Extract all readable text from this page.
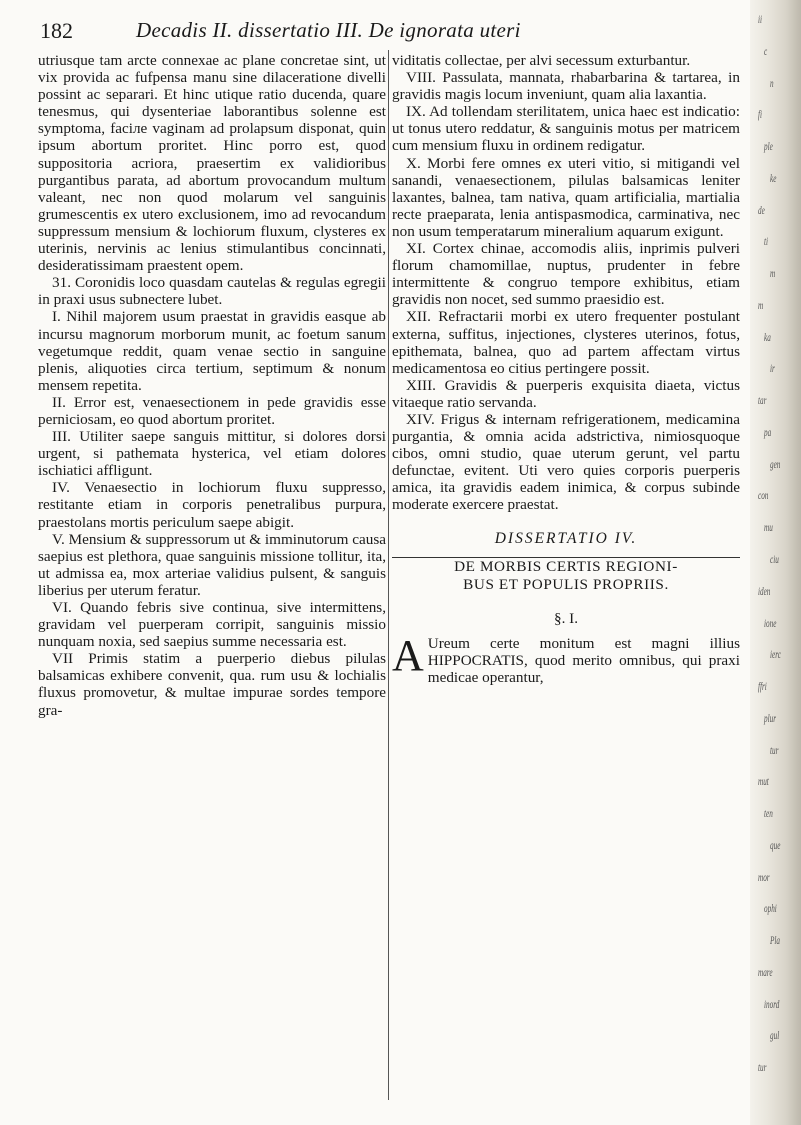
182	Decadis II. dissertatio III. De ignorata uteri

utriusque tam arcte connexae ac plane concretae sint, ut vix provida ac fufpensa manu sine dilaceratione divelli possint ac separari. Et hinc utique ratio ducenda, quare tenesmus, qui dysenteriae laborantibus solenne est symptoma, faciле vaginam ad prolapsum disponat, quin ipsum abortum proritet. Hinc porro est, quod suppositoria acriora, praesertim ex validioribus purgantibus parata, ad abortum provocandum multum valeant, nec non quod molarum vel sanguinis grumescentis ex utero exclusionem, imo ad revocandum suppressum mensium & lochiorum fluxum, clysteres ex uterinis, nervinis ac lenius stimulantibus concinnati, desideratissimam praestent opem.

31. Coronidis loco quasdam cautelas & regulas egregii in praxi usus subnectere lubet.

I. Nihil majorem usum praestat in gravidis easque ab incursu magnorum morborum munit, ac foetum sanum vegetumque reddit, quam venae sectio in sanguine plenis, aliquoties circa tertium, septimum & nonum mensem repetita.

II. Error est, venaesectionem in pede gravidis esse perniciosam, eo quod abortum proritet.

III. Utiliter saepe sanguis mittitur, si dolores dorsi urgent, si pathemata hysterica, vel etiam dolores ischiatici affligunt.

IV. Venaesectio in lochiorum fluxu suppresso, restitante etiam in corporis penetralibus purpura, praestolans mortis periculum saepe abigit.

V. Mensium & suppressorum ut & imminutorum causa saepius est plethora, quae sanguinis missione tollitur, ita, ut admissa ea, mox arteriae validius pulsent, & sanguis liberius per uterum feratur.

VI. Quando febris sive continua, sive intermittens, gravidam vel puerperam corripit, sanguinis missio nunquam noxia, sed saepius summe necessaria est.

VII Primis statim a puerperio diebus pilulas balsamicas exhibere convenit, qua. rum usu & lochialis fluxus promovetur, & multae impurae sordes tempore gra-

viditatis collectae, per alvi secessum exturbantur.

VIII. Passulata, mannata, rhabarbarina & tartarea, in gravidis magis locum inveniunt, quam alia laxantia.

IX. Ad tollendam sterilitatem, unica haec est indicatio: ut tonus utero reddatur, & sanguinis motus per matricem cum mensium fluxu in ordinem redigatur.

X. Morbi fere omnes ex uteri vitio, si mitigandi vel sanandi, venaesectionem, pilulas balsamicas leniter laxantes, balnea, tam nativa, quam artificialia, martialia recte praeparata, lenia antispasmodica, carminativa, nec non usum temperatarum mineralium aquarum exigunt.

XI. Cortex chinae, accomodis aliis, inprimis pulveri florum chamomillae, nuptus, prudenter in febre intermittente & congruo tempore exhibitus, etiam gravidis non nocet, sed summo praesidio est.

XII. Refractarii morbi ex utero frequenter postulant externa, suffitus, injectiones, clysteres uterinos, fotus, epithemata, balnea, quo ad partem affectam virtus medicamentosa eo citius pertingere possit.

XIII. Gravidis & puerperis exquisita diaeta, victus vitaeque ratio servanda.

XIV. Frigus & internam refrigerationem, medicamina purgantia, & omnia acida adstrictiva, nimiosquoque cibos, omni studio, quae uterum gerunt, vel partu defunctae, evitent. Uti vero quies corporis puerperis amica, ita gravidis eadem inimica, & corpus subinde moderate exercere praestat.

DISSERTATIO IV.

DE MORBIS CERTIS REGIONI-

BUS ET POPULIS PROPRIIS.

§. I.

A Ureum certe monitum est magni illius HIPPOCRATIS, quod merito omnibus, qui praxi medicae operantur,

ii
c
n
fi
ple
ke
de
ti
m
m
ka
ir
tar
pa
gen
con
mu
ciu
iden
ione
ierc
ffri
plur
tur
mut
ten
que
mor
ophi
Pla
mare
inord
gul
tur
